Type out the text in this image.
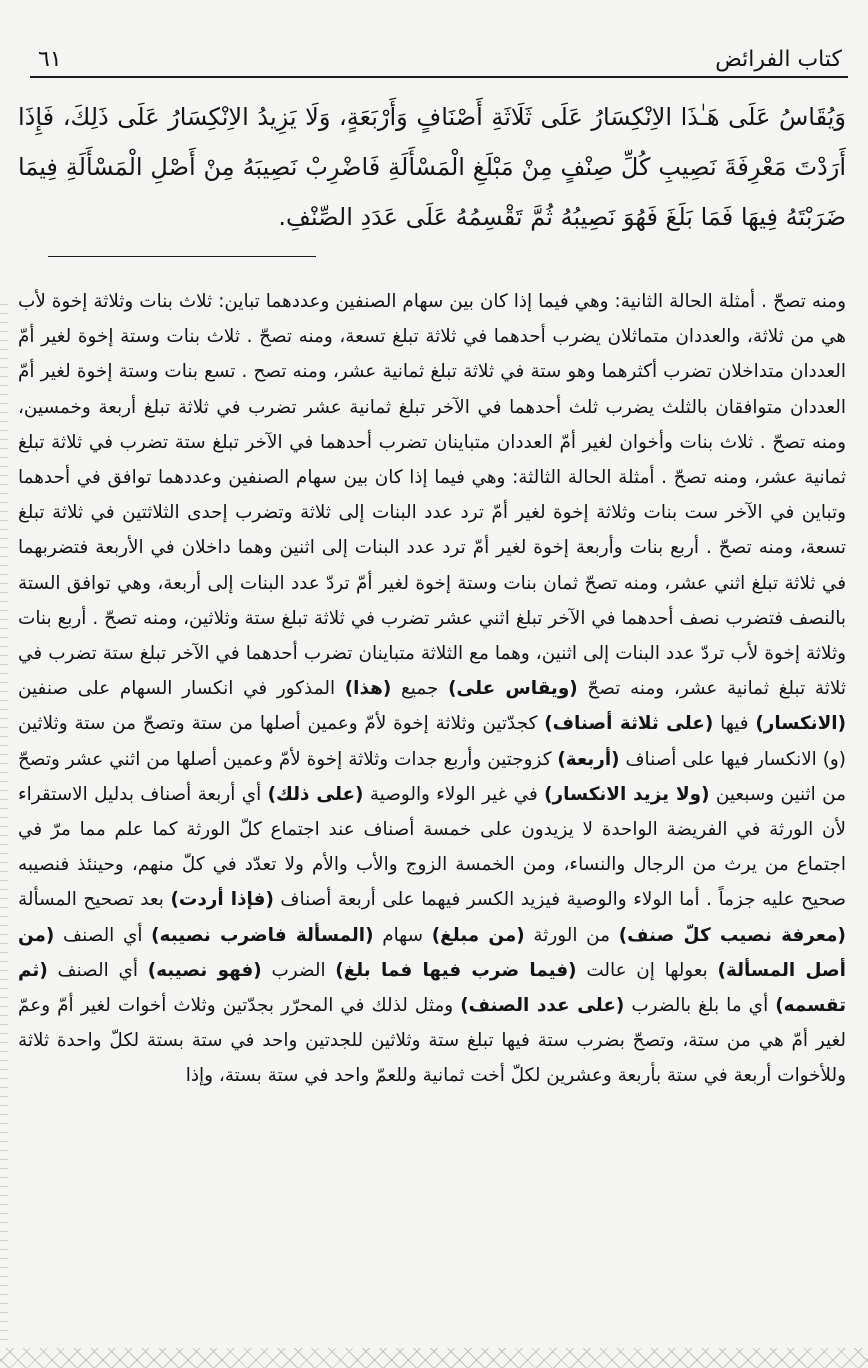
كتاب الفرائض
٦١

وَيُقَاسُ عَلَى هَـٰذَا الاِنْكِسَارُ عَلَى ثَلَاثَةِ أَصْنَافٍ وَأَرْبَعَةٍ، وَلَا يَزِيدُ الاِنْكِسَارُ عَلَى ذَلِكَ، فَإِذَا أَرَدْتَ مَعْرِفَةَ نَصِيبِ كُلِّ صِنْفٍ مِنْ مَبْلَغِ الْمَسْأَلَةِ فَاضْرِبْ نَصِيبَهُ مِنْ أَصْلِ الْمَسْأَلَةِ فِيمَا ضَرَبْتَهُ فِيهَا فَمَا بَلَغَ فَهُوَ نَصِيبُهُ ثُمَّ تَقْسِمُهُ عَلَى عَدَدِ الصِّنْفِ.

ومنه تصحّ . أمثلة الحالة الثانية: وهي فيما إذا كان بين سهام الصنفين وعددهما تباين: ثلاث بنات وثلاثة إخوة لأب هي من ثلاثة، والعددان متماثلان يضرب أحدهما في ثلاثة تبلغ تسعة، ومنه تصحّ . ثلاث بنات وستة إخوة لغير أمّ العددان متداخلان تضرب أكثرهما وهو ستة في ثلاثة تبلغ ثمانية عشر، ومنه تصح . تسع بنات وستة إخوة لغير أمّ العددان متوافقان بالثلث يضرب ثلث أحدهما في الآخر تبلغ ثمانية عشر تضرب في ثلاثة تبلغ أربعة وخمسين، ومنه تصحّ . ثلاث بنات وأخوان لغير أمّ العددان متباينان تضرب أحدهما في الآخر تبلغ ستة تضرب في ثلاثة تبلغ ثمانية عشر، ومنه تصحّ . أمثلة الحالة الثالثة: وهي فيما إذا كان بين سهام الصنفين وعددهما توافق في أحدهما وتباين في الآخر ست بنات وثلاثة إخوة لغير أمّ ترد عدد البنات إلى ثلاثة وتضرب إحدى الثلاثتين في ثلاثة تبلغ تسعة، ومنه تصحّ . أربع بنات وأربعة إخوة لغير أمّ ترد عدد البنات إلى اثنين وهما داخلان في الأربعة فتضربهما في ثلاثة تبلغ اثني عشر، ومنه تصحّ ثمان بنات وستة إخوة لغير أمّ تردّ عدد البنات إلى أربعة، وهي توافق الستة بالنصف فتضرب نصف أحدهما في الآخر تبلغ اثني عشر تضرب في ثلاثة تبلغ ستة وثلاثين، ومنه تصحّ . أربع بنات وثلاثة إخوة لأب تردّ عدد البنات إلى اثنين، وهما مع الثلاثة متباينان تضرب أحدهما في الآخر تبلغ ستة تضرب في ثلاثة تبلغ ثمانية عشر، ومنه تصحّ (ويقاس على) جميع (هذا) المذكور في انكسار السهام على صنفين (الانكسار) فيها (على ثلاثة أصناف) كجدّتين وثلاثة إخوة لأمّ وعمين أصلها من ستة وتصحّ من ستة وثلاثين (و) الانكسار فيها على أصناف (أربعة) كزوجتين وأربع جدات وثلاثة إخوة لأمّ وعمين أصلها من اثني عشر وتصحّ من اثنين وسبعين (ولا يزيد الانكسار) في غير الولاء والوصية (على ذلك) أي أربعة أصناف بدليل الاستقراء لأن الورثة في الفريضة الواحدة لا يزيدون على خمسة أصناف عند اجتماع كلّ الورثة كما علم مما مرّ في اجتماع من يرث من الرجال والنساء، ومن الخمسة الزوج والأب والأم ولا تعدّد في كلّ منهم، وحينئذ فنصيبه صحيح عليه جزماً . أما الولاء والوصية فيزيد الكسر فيهما على أربعة أصناف (فإذا أردت) بعد تصحيح المسألة (معرفة نصيب كلّ صنف) من الورثة (من مبلغ) سهام (المسألة فاضرب نصيبه) أي الصنف (من أصل المسألة) بعولها إن عالت (فيما ضرب فيها فما بلغ) الضرب (فهو نصيبه) أي الصنف (ثم تقسمه) أي ما بلغ بالضرب (على عدد الصنف) ومثل لذلك في المحرّر بجدّتين وثلاث أخوات لغير أمّ وعمّ لغير أمّ هي من ستة، وتصحّ بضرب ستة فيها تبلغ ستة وثلاثين للجدتين واحد في ستة بستة لكلّ واحدة ثلاثة وللأخوات أربعة في ستة بأربعة وعشرين لكلّ أخت ثمانية وللعمّ واحد في ستة بستة، وإذا
